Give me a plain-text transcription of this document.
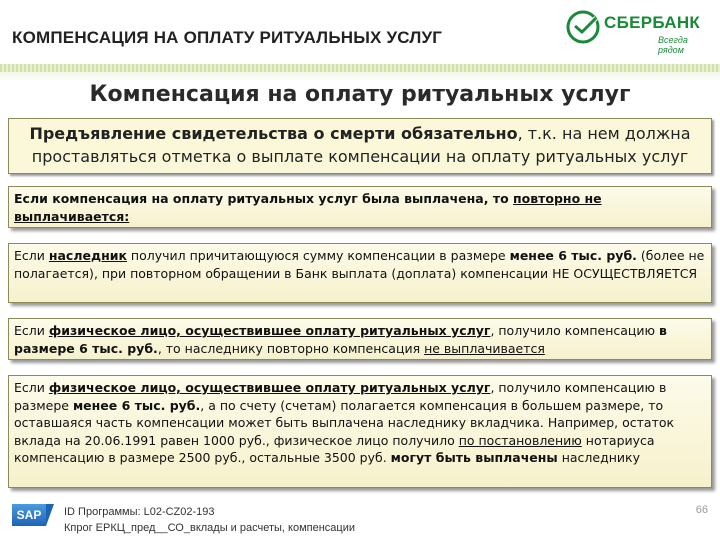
КОМПЕНСАЦИЯ НА ОПЛАТУ РИТУАЛЬНЫХ УСЛУГ
СБЕРБАНК
Всегда рядом
Компенсация на оплату ритуальных услуг
Предъявление свидетельства о смерти обязательно, т.к. на нем должна проставляться отметка о выплате компенсации на оплату ритуальных услуг
Если компенсация на оплату ритуальных услуг была выплачена, то повторно не выплачивается:
Если наследник получил причитающуюся сумму компенсации в размере менее 6 тыс. руб. (более не полагается), при повторном обращении в Банк выплата (доплата) компенсации НЕ ОСУЩЕСТВЛЯЕТСЯ
Если физическое лицо, осуществившее оплату ритуальных услуг, получило компенсацию в размере 6 тыс. руб., то наследнику повторно компенсация не выплачивается
Если физическое лицо, осуществившее оплату ритуальных услуг, получило компенсацию в размере менее 6 тыс. руб., а по счету (счетам) полагается компенсация в большем размере, то оставшаяся часть компенсации может быть выплачена наследнику вкладчика. Например, остаток вклада на 20.06.1991 равен 1000 руб., физическое лицо получило по постановлению нотариуса компенсацию в размере 2500 руб., остальные 3500 руб. могут быть выплачены наследнику
SAP	ID Программы: L02-CZ02-193
Кпрог ЕРКЦ_пред__СО_вклады и расчеты, компенсации
66
